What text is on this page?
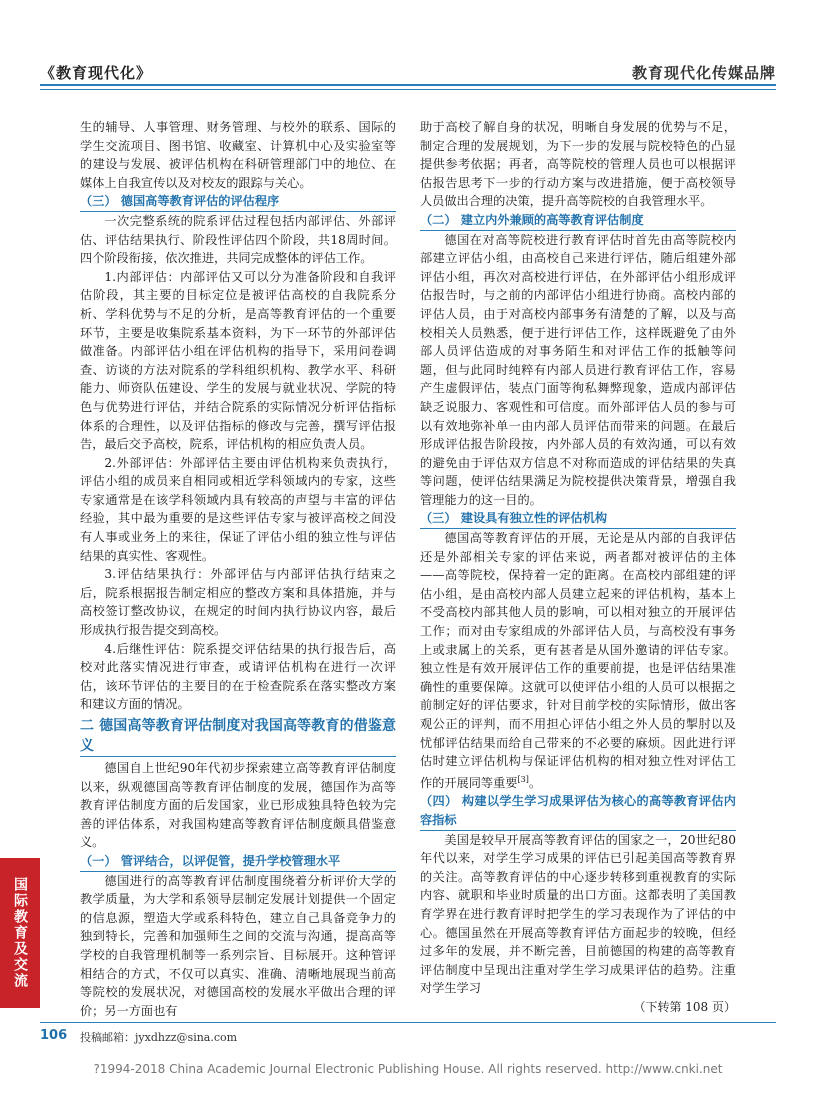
《教育现代化》	教育现代化传媒品牌

生的辅导、人事管理、财务管理、与校外的联系、国际的学生交流项目、图书馆、收藏室、计算机中心及实验室等的建设与发展、被评估机构在科研管理部门中的地位、在媒体上自我宣传以及对校友的跟踪与关心。

（三） 德国高等教育评估的评估程序

一次完整系统的院系评估过程包括内部评估、外部评估、评估结果执行、阶段性评估四个阶段，共18周时间。四个阶段衔接，依次推进，共同完成整体的评估工作。

1.内部评估：内部评估又可以分为准备阶段和自我评估阶段，其主要的目标定位是被评估高校的自我院系分析、学科优势与不足的分析，是高等教育评估的一个重要环节，主要是收集院系基本资料，为下一环节的外部评估做准备。内部评估小组在评估机构的指导下，采用问卷调查、访谈的方法对院系的学科组织机构、教学水平、科研能力、师资队伍建设、学生的发展与就业状况、学院的特色与优势进行评估，并结合院系的实际情况分析评估指标体系的合理性，以及评估指标的修改与完善，撰写评估报告，最后交予高校，院系，评估机构的相应负责人员。

2.外部评估：外部评估主要由评估机构来负责执行，评估小组的成员来自相同或相近学科领域内的专家，这些专家通常是在该学科领域内具有较高的声望与丰富的评估经验，其中最为重要的是这些评估专家与被评高校之间没有人事或业务上的来往，保证了评估小组的独立性与评估结果的真实性、客观性。

3.评估结果执行：外部评估与内部评估执行结束之后，院系根据报告制定相应的整改方案和具体措施，并与高校签订整改协议，在规定的时间内执行协议内容，最后形成执行报告提交到高校。

4.后继性评估：院系提交评估结果的执行报告后，高校对此落实情况进行审查，或请评估机构在进行一次评估，该环节评估的主要目的在于检查院系在落实整改方案和建议方面的情况。

二 德国高等教育评估制度对我国高等教育的借鉴意义

德国自上世纪90年代初步探索建立高等教育评估制度以来，纵观德国高等教育评估制度的发展，德国作为高等教育评估制度方面的后发国家，业已形成独具特色较为完善的评估体系，对我国构建高等教育评估制度颇具借鉴意义。

（一） 管评结合，以评促管，提升学校管理水平

德国进行的高等教育评估制度围绕着分析评价大学的教学质量，为大学和系领导层制定发展计划提供一个固定的信息源，塑造大学或系科特色，建立自己具备竞争力的独到特长，完善和加强师生之间的交流与沟通，提高高等学校的自我管理机制等一系列宗旨、目标展开。这种管评相结合的方式，不仅可以真实、准确、清晰地展现当前高等院校的发展状况，对德国高校的发展水平做出合理的评价；另一方面也有

助于高校了解自身的状况，明晰自身发展的优势与不足，制定合理的发展规划，为下一步的发展与院校特色的凸显提供参考依据；再者，高等院校的管理人员也可以根据评估报告思考下一步的行动方案与改进措施，便于高校领导人员做出合理的决策，提升高等院校的自我管理水平。

（二） 建立内外兼顾的高等教育评估制度

德国在对高等院校进行教育评估时首先由高等院校内部建立评估小组，由高校自己来进行评估，随后组建外部评估小组，再次对高校进行评估，在外部评估小组形成评估报告时，与之前的内部评估小组进行协商。高校内部的评估人员，由于对高校内部事务有清楚的了解，以及与高校相关人员熟悉，便于进行评估工作，这样既避免了由外部人员评估造成的对事务陌生和对评估工作的抵触等问题，但与此同时纯粹有内部人员进行教育评估工作，容易产生虚假评估，装点门面等徇私舞弊现象，造成内部评估缺乏说服力、客观性和可信度。而外部评估人员的参与可以有效地弥补单一由内部人员评估而带来的问题。在最后形成评估报告阶段按，内外部人员的有效沟通，可以有效的避免由于评估双方信息不对称而造成的评估结果的失真等问题，使评估结果满足为院校提供决策背景，增强自我管理能力的这一目的。

（三） 建设具有独立性的评估机构

德国高等教育评估的开展，无论是从内部的自我评估还是外部相关专家的评估来说，两者都对被评估的主体——高等院校，保持着一定的距离。在高校内部组建的评估小组，是由高校内部人员建立起来的评估机构，基本上不受高校内部其他人员的影响，可以相对独立的开展评估工作；而对由专家组成的外部评估人员，与高校没有事务上或隶属上的关系，更有甚者是从国外邀请的评估专家。独立性是有效开展评估工作的重要前提，也是评估结果准确性的重要保障。这就可以使评估小组的人员可以根据之前制定好的评估要求，针对目前学校的实际情形，做出客观公正的评判，而不用担心评估小组之外人员的掣肘以及忧郁评估结果而给自己带来的不必要的麻烦。因此进行评估时建立评估机构与保证评估机构的相对独立性对评估工作的开展同等重要[3]。

（四） 构建以学生学习成果评估为核心的高等教育评估内容指标

美国是较早开展高等教育评估的国家之一，20世纪80年代以来，对学生学习成果的评估已引起美国高等教育界的关注。高等教育评估的中心逐步转移到重视教育的实际内容、就职和毕业时质量的出口方面。这都表明了美国教育学界在进行教育评时把学生的学习表现作为了评估的中心。德国虽然在开展高等教育评估方面起步的较晚，但经过多年的发展，并不断完善，目前德国的构建的高等教育评估制度中呈现出注重对学生学习成果评估的趋势。注重对学生学习

（下转第 108 页）
国际教育及交流
106 投稿邮箱：jyxdhzz@sina.com
?1994-2018 China Academic Journal Electronic Publishing House. All rights reserved. http://www.cnki.net
